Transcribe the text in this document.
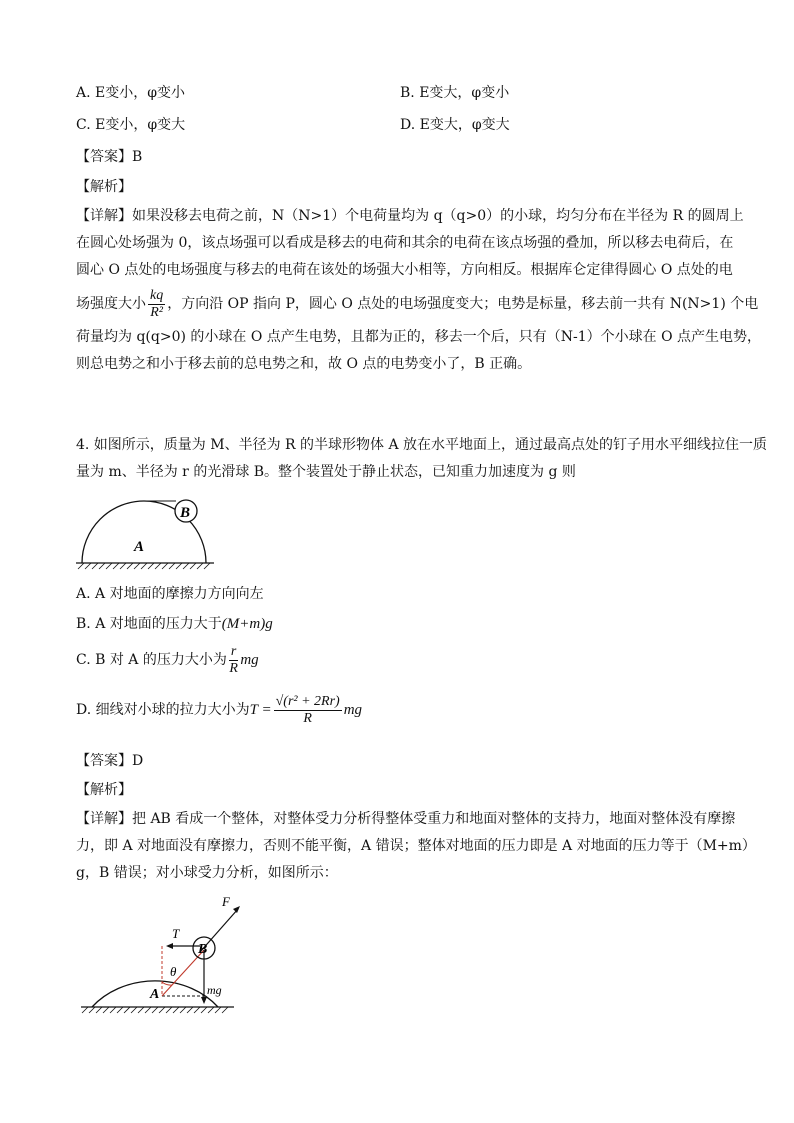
A. E变小，φ变小	B. E变大，φ变小
C. E变小，φ变大	D. E变大，φ变大
【答案】B
【解析】
【详解】如果没移去电荷之前，N（N>1）个电荷量均为 q（q>0）的小球，均匀分布在半径为 R 的圆周上
在圆心处场强为 0，该点场强可以看成是移去的电荷和其余的电荷在该点场强的叠加，所以移去电荷后，在
圆心 O 点处的电场强度与移去的电荷在该处的场强大小相等，方向相反。根据库仑定律得圆心 O 点处的电
场强度大小 $\frac{kq}{\text{R²}}$ ，方向沿 OP 指向 P，圆心 O 点处的电场强度变大；电势是标量，移去前一共有 N(N>1) 个电
荷量均为 q(q>0) 的小球在 O 点产生电势，且都为正的，移去一个后，只有（N-1）个小球在 O 点产生电势，
则总电势之和小于移去前的总电势之和，故 O 点的电势变小了，B 正确。
4. 如图所示，质量为 M、半径为 R 的半球形物体 A 放在水平地面上，通过最高点处的钉子用水平细线拉住一质
量为 m、半径为 r 的光滑球 B。整个装置处于静止状态，已知重力加速度为 g 则
B
A
A. A 对地面的摩擦力方向向左
B. A 对地面的压力大于(M+m)g
C. B 对 A 的压力大小为 $\frac{r}{R}$ mg
D. 细线对小球的拉力大小为$T = \frac{\text{√(r² + 2Rr)}}{R}$ mg
【答案】D
【解析】
【详解】把 AB 看成一个整体，对整体受力分析得整体受重力和地面对整体的支持力，地面对整体没有摩擦
力，即 A 对地面没有摩擦力，否则不能平衡，A 错误；整体对地面的压力即是 A 对地面的压力等于（M+m）
g，B 错误；对小球受力分析，如图所示：
F
T
B
θ
A	mg
